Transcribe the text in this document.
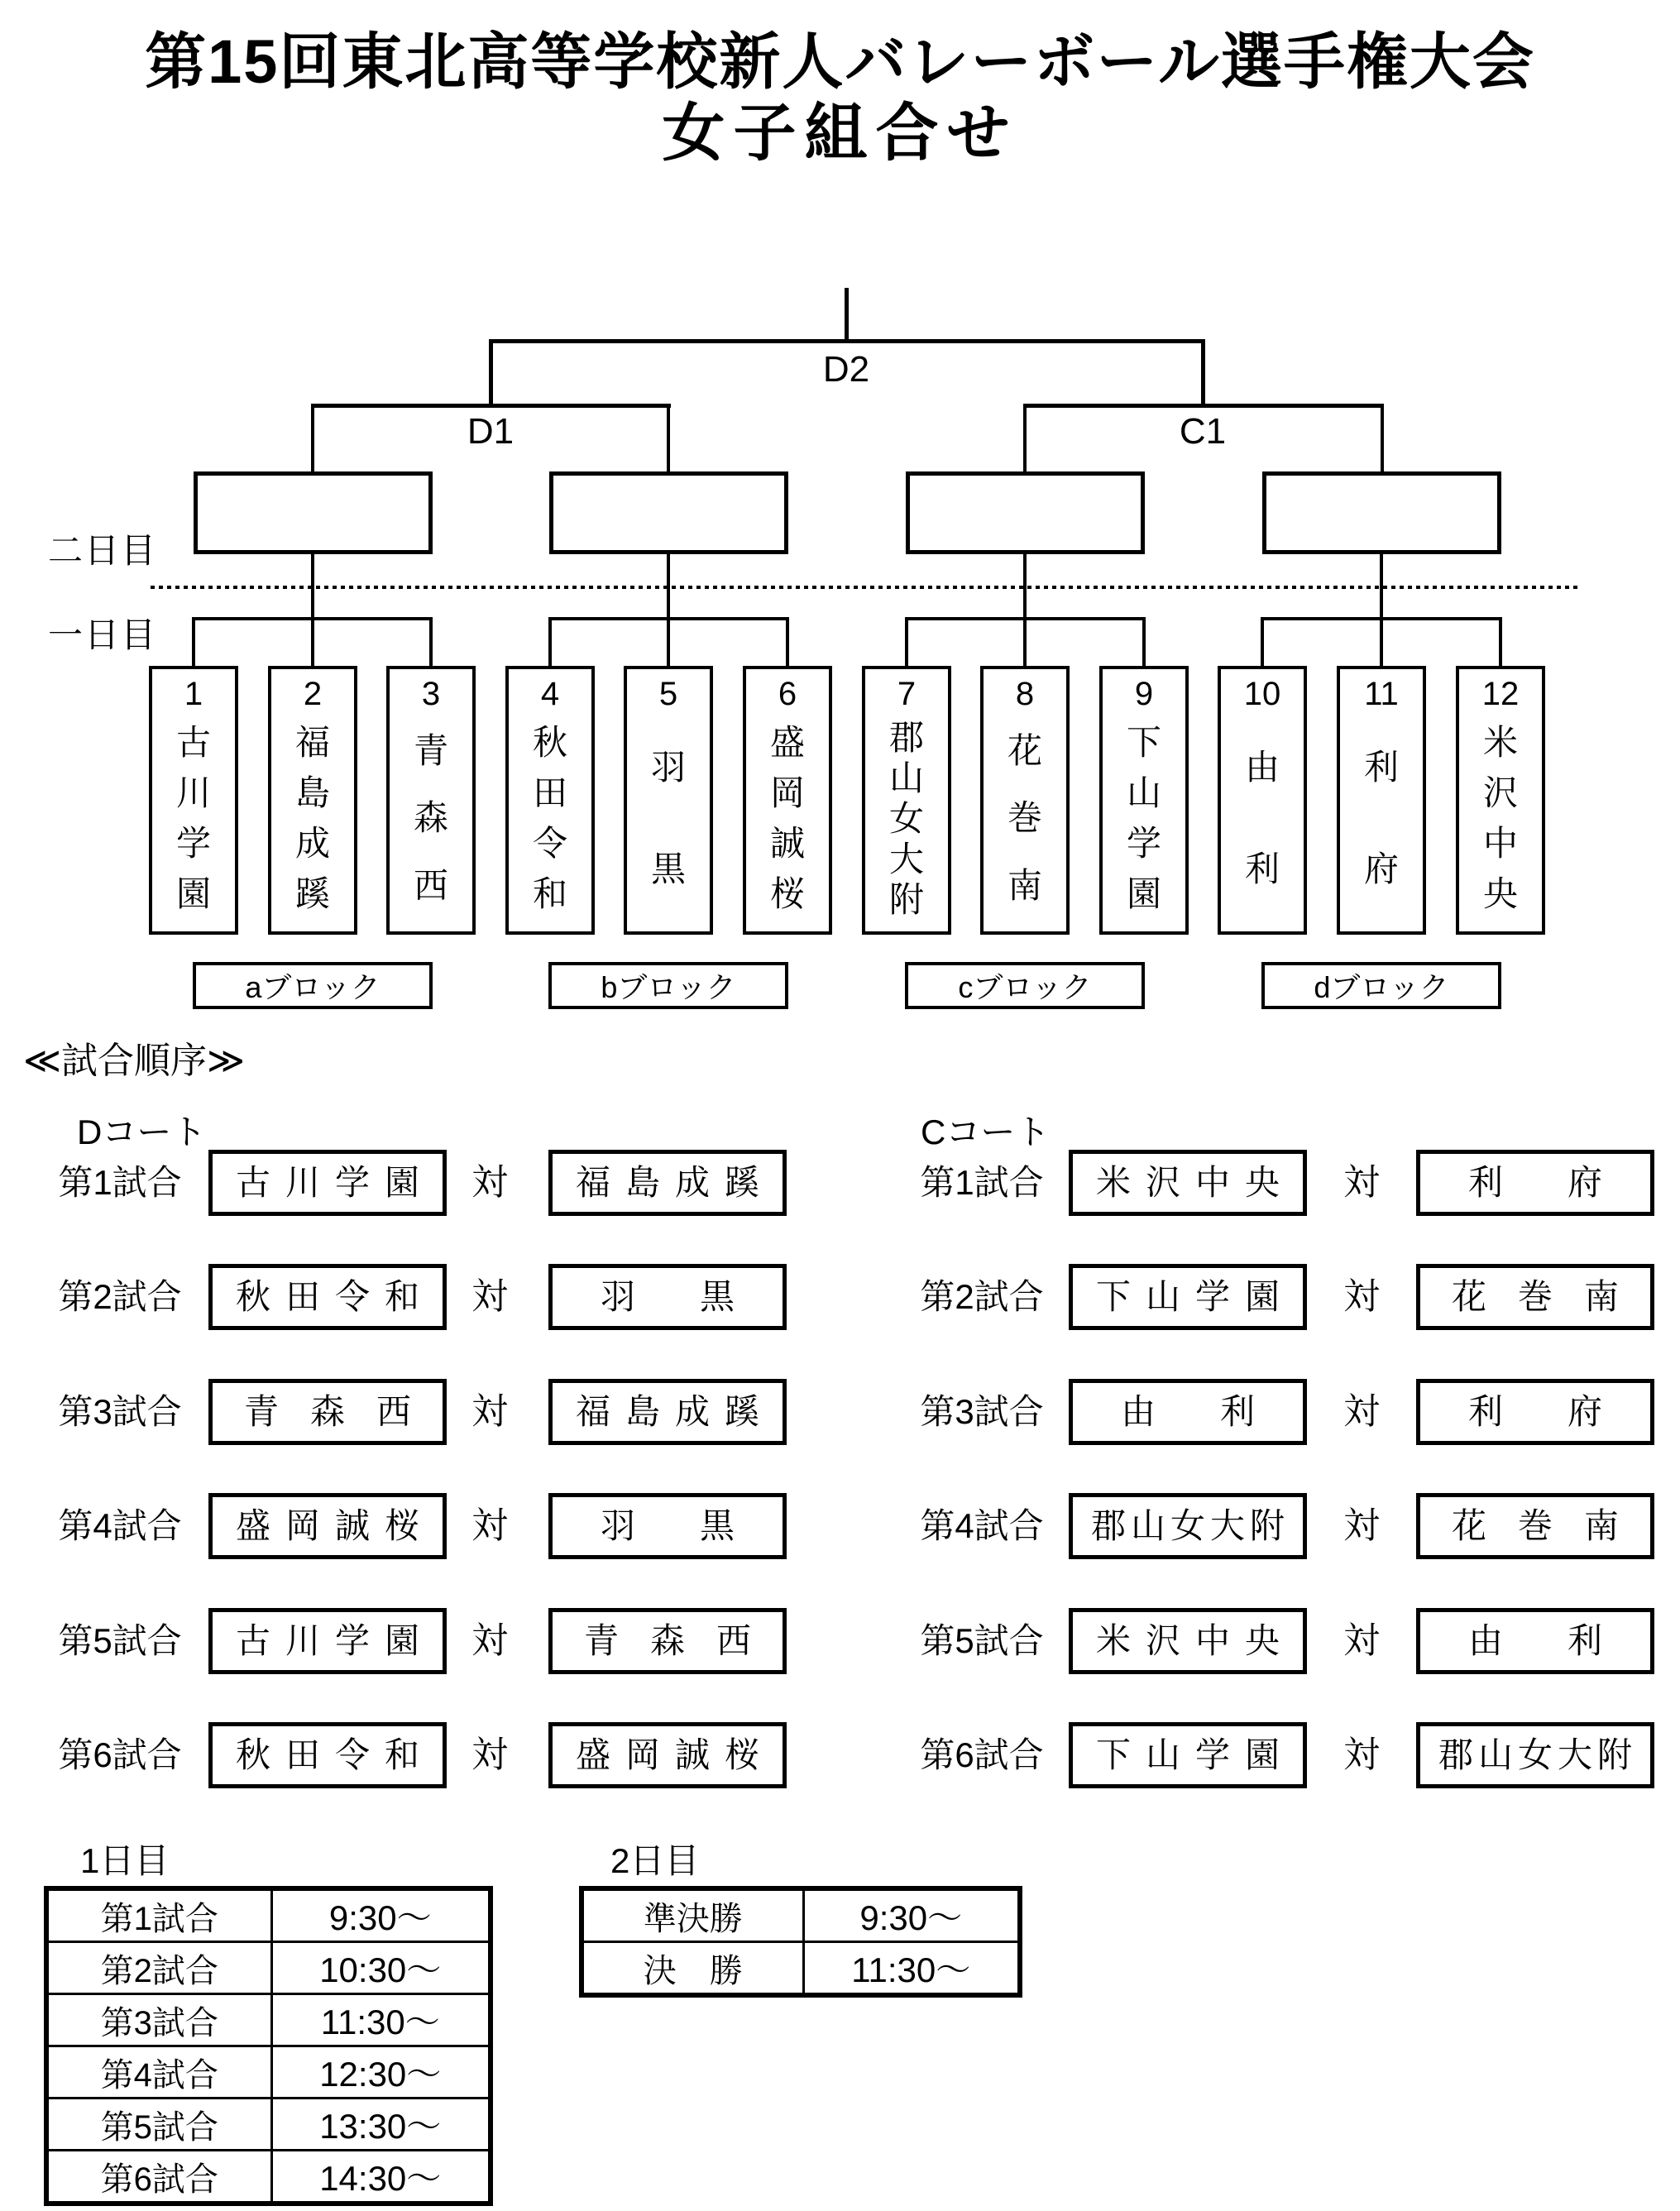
第15回東北高等学校新人バレーボール選手権大会
女子組合せ
D2
D1	C1
二日目
一日目
1
古
川
学
園
2
福
島
成
蹊
3
青
森
西
4
秋
田
令
和
5
羽
黒
6
盛
岡
誠
桜
7
郡
山
女
大
附
8
花
巻
南
9
下
山
学
園
10
由
利
11
利
府
12
米
沢
中
央
aブロック	bブロック	cブロック	dブロック
≪試合順序≫
Dコート	Cコート
第1試合 古 川 学 園 対 福 島 成 蹊
第2試合 秋 田 令 和 対	羽 黒
第3試合 青 森 西 対 福 島 成 蹊
第4試合 盛 岡 誠 桜 対	羽 黒
第5試合 古 川 学 園 対 青 森 西
第6試合 秋 田 令 和 対 盛 岡 誠 桜
第1試合 米 沢 中 央 対	利 府
第2試合 下 山 学 園 対 花 巻 南
第3試合 由 利 対	利 府
第4試合 郡 山 女 大 附 対 花 巻 南
第5試合 米 沢 中 央 対	由 利
第6試合 下 山 学 園 対 郡 山 女 大 附
1日目
第1試合	9:30～
第2試合	10:30～
第3試合	11:30～
第4試合	12:30～
第5試合	13:30～
第6試合	14:30～
2日目
準決勝	9:30～
決　勝	11:30～
